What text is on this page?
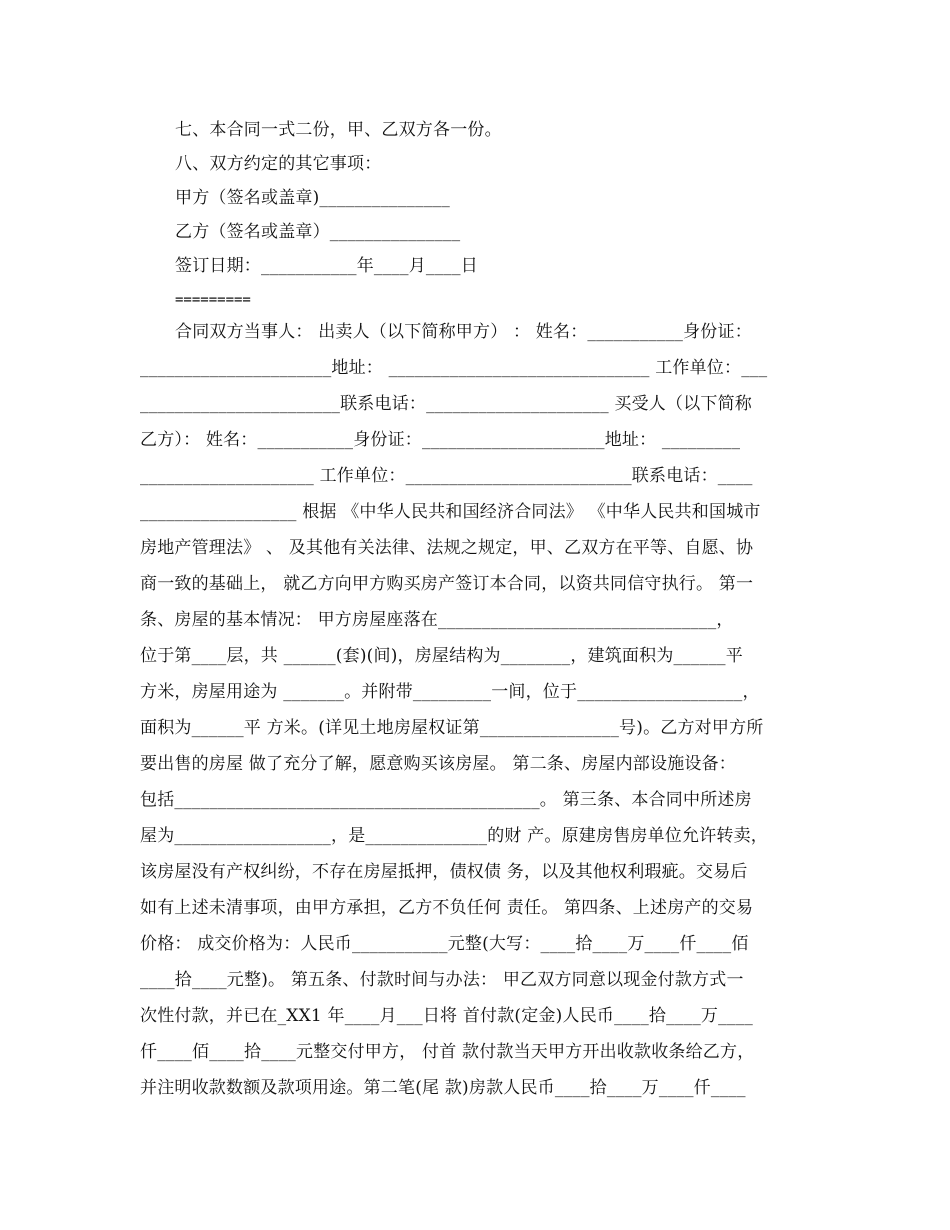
七、本合同一式二份，甲、乙双方各一份。
八、双方约定的其它事项：
甲方（签名或盖章)_______________
乙方（签名或盖章）_______________
签订日期：___________年____月____日
=========
合同双方当事人： 出卖人（以下简称甲方） ： 姓名：___________身份证：
______________________地址： ______________________________ 工作单位：___
_______________________联系电话：_____________________ 买受人（以下简称
乙方）： 姓名：___________身份证：_____________________地址： _________
____________________ 工作单位：__________________________联系电话：____
__________________ 根据 《中华人民共和国经济合同法》 《中华人民共和国城市
房地产管理法》 、 及其他有关法律、法规之规定，甲、乙双方在平等、自愿、协
商一致的基础上， 就乙方向甲方购买房产签订本合同，以资共同信守执行。 第一
条、房屋的基本情况： 甲方房屋座落在________________________________，
位于第____层，共 ______(套)(间)，房屋结构为________，建筑面积为______平
方米，房屋用途为 _______。并附带_________一间，位于___________________，
面积为______平 方米。(详见土地房屋权证第________________号)。乙方对甲方所
要出售的房屋 做了充分了解，愿意购买该房屋。 第二条、房屋内部设施设备：
包括__________________________________________。 第三条、本合同中所述房
屋为__________________，是______________的财 产。原建房售房单位允许转卖，
该房屋没有产权纠纷，不存在房屋抵押，债权债 务，以及其他权利瑕疵。交易后
如有上述未清事项，由甲方承担，乙方不负任何 责任。 第四条、上述房产的交易
价格： 成交价格为：人民币___________元整(大写：____拾____万____仟____佰
____拾____元整)。 第五条、付款时间与办法： 甲乙双方同意以现金付款方式一
次性付款，并已在_XX1 年____月___日将 首付款(定金)人民币____拾____万____
仟____佰____拾____元整交付甲方， 付首 款付款当天甲方开出收款收条给乙方，
并注明收款数额及款项用途。第二笔(尾 款)房款人民币____拾____万____仟____
